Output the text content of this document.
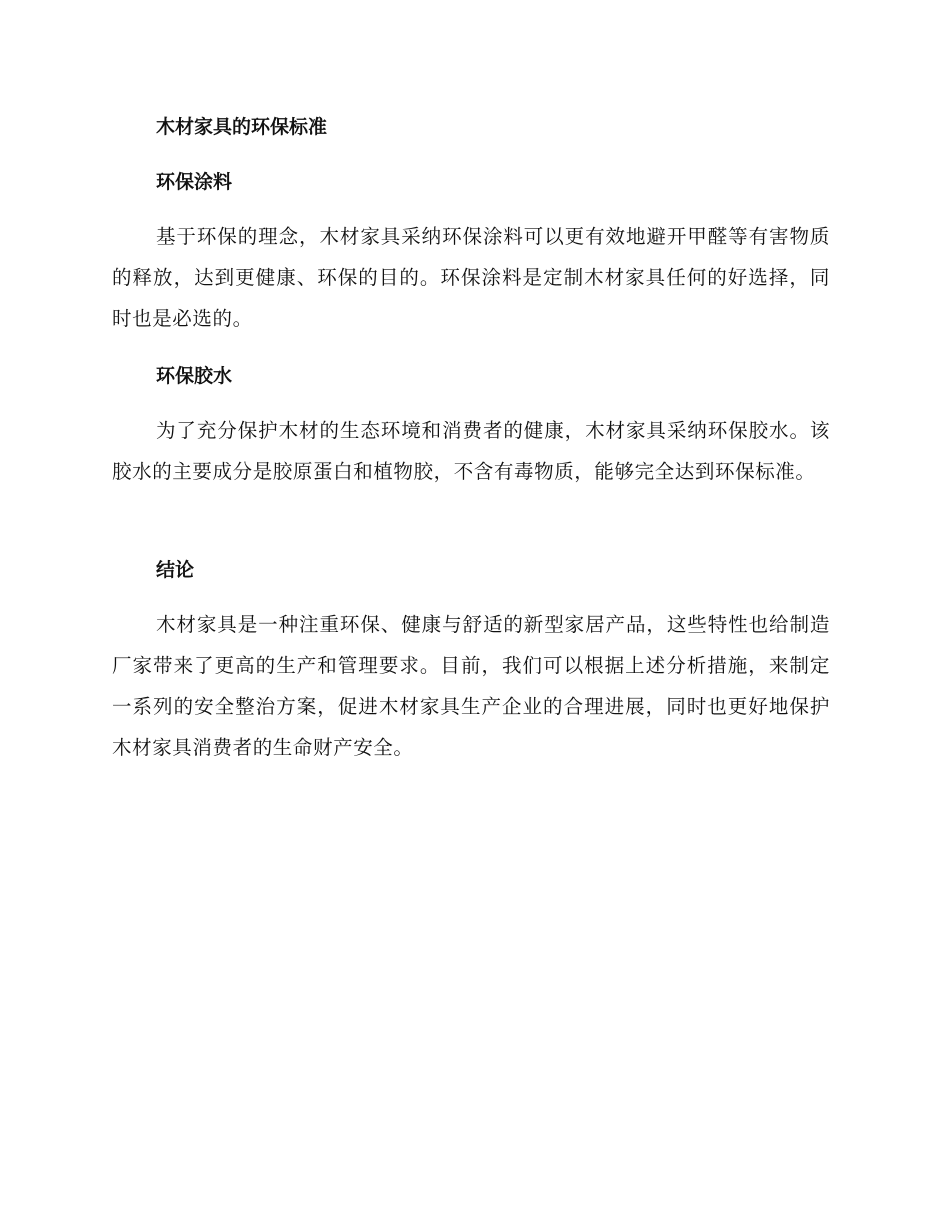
木材家具的环保标准
环保涂料

基于环保的理念，木材家具采纳环保涂料可以更有效地避开甲醛等有害物质的释放，达到更健康、环保的目的。环保涂料是定制木材家具任何的好选择，同时也是必选的。

环保胶水

为了充分保护木材的生态环境和消费者的健康，木材家具采纳环保胶水。该胶水的主要成分是胶原蛋白和植物胶，不含有毒物质，能够完全达到环保标准。

结论

木材家具是一种注重环保、健康与舒适的新型家居产品，这些特性也给制造厂家带来了更高的生产和管理要求。目前，我们可以根据上述分析措施，来制定一系列的安全整治方案，促进木材家具生产企业的合理进展，同时也更好地保护木材家具消费者的生命财产安全。
